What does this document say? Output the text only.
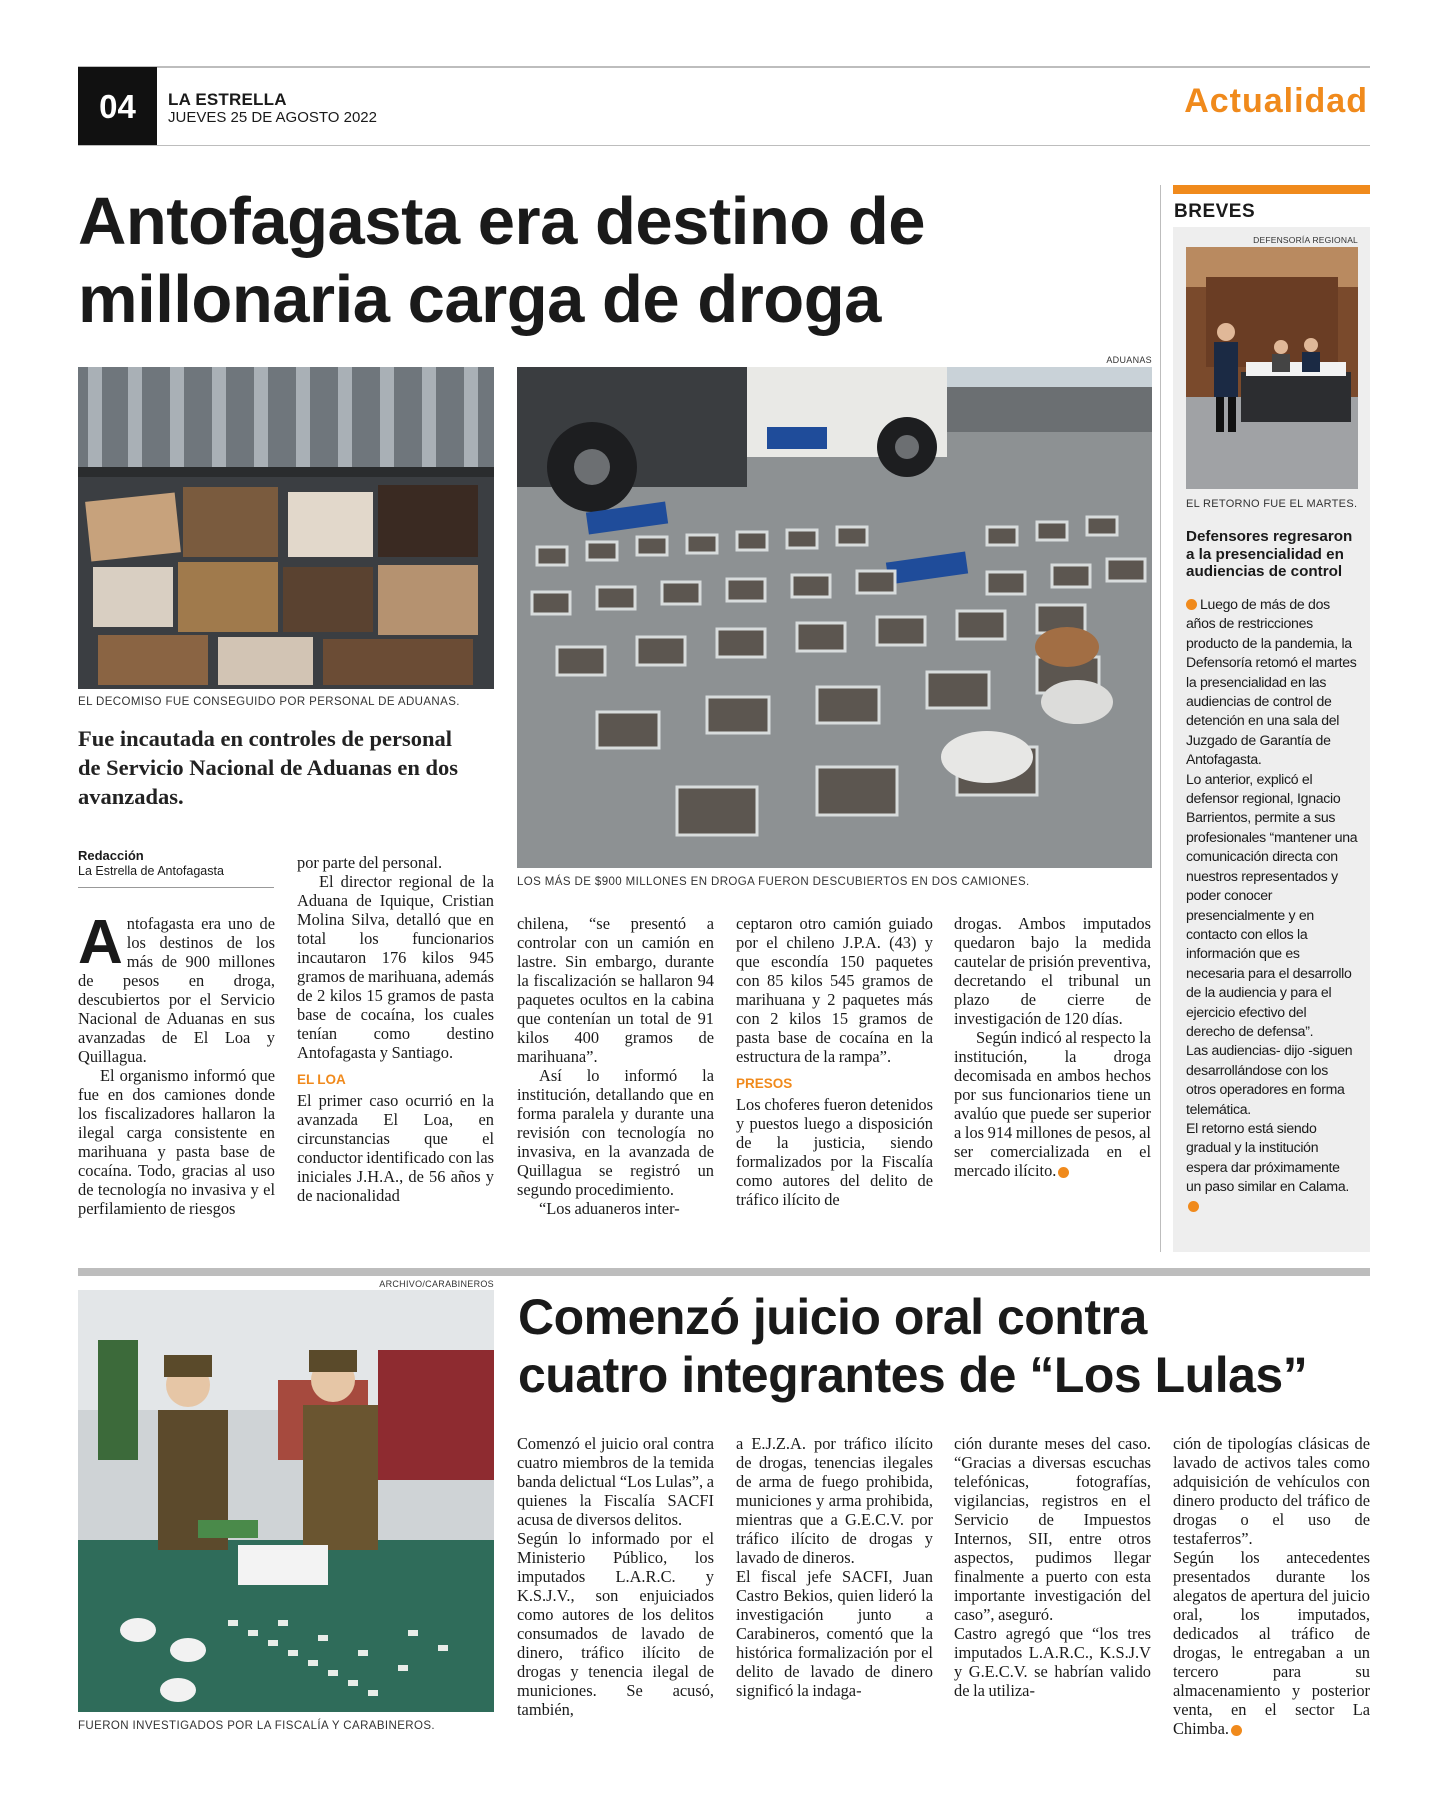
04	LA ESTRELLA
JUEVES 25 DE AGOSTO 2022	Actualidad
Antofagasta era destino de
millonaria carga de droga
EL DECOMISO FUE CONSEGUIDO POR PERSONAL DE ADUANAS.
Fue incautada en controles de personal de Servicio Nacional de Aduanas en dos avanzadas.
ADUANAS
LOS MÁS DE $900 MILLONES EN DROGA FUERON DESCUBIERTOS EN DOS CAMIONES.
Redacción
La Estrella de Antofagasta

Antofagasta era uno de los destinos de los más de 900 millones de pesos en droga, descubiertos por el Servicio Nacional de Aduanas en sus avanzadas de El Loa y Quillagua.

El organismo informó que fue en dos camiones donde los fiscalizadores hallaron la ilegal carga consistente en marihuana y pasta base de cocaína. Todo, gracias al uso de tecnología no invasiva y el perfilamiento de riesgos

por parte del personal.

El director regional de la Aduana de Iquique, Cristian Molina Silva, detalló que en total los funcionarios incautaron 176 kilos 945 gramos de marihuana, además de 2 kilos 15 gramos de pasta base de cocaína, los cuales tenían como destino Antofagasta y Santiago.

EL LOA

El primer caso ocurrió en la avanzada El Loa, en circunstancias que el conductor identificado con las iniciales J.H.A., de 56 años y de nacionalidad

chilena, “se presentó a controlar con un camión en lastre. Sin embargo, durante la fiscalización se hallaron 94 paquetes ocultos en la cabina que contenían un total de 91 kilos 400 gramos de marihuana”.

Así lo informó la institución, detallando que en forma paralela y durante una revisión con tecnología no invasiva, en la avanzada de Quillagua se registró un segundo procedimiento.

“Los aduaneros inter-

ceptaron otro camión guiado por el chileno J.P.A. (43) y que escondía 150 paquetes con 85 kilos 545 gramos de marihuana y 2 paquetes más con 2 kilos 15 gramos de pasta base de cocaína en la estructura de la rampa”.

PRESOS

Los choferes fueron detenidos y puestos luego a disposición de la justicia, siendo formalizados por la Fiscalía como autores del delito de tráfico ilícito de

drogas. Ambos imputados quedaron bajo la medida cautelar de prisión preventiva, decretando el tribunal un plazo de cierre de investigación de 120 días.

Según indicó al respecto la institución, la droga decomisada en ambos hechos por sus funcionarios tiene un avalúo que puede ser superior a los 914 millones de pesos, al ser comercializada en el mercado ilícito.

BREVES
DEFENSORÍA REGIONAL
EL RETORNO FUE EL MARTES.
Defensores regresaron a la presencialidad en audiencias de control

Luego de más de dos años de restricciones producto de la pandemia, la Defensoría retomó el martes la presencialidad en las audiencias de control de detención en una sala del Juzgado de Garantía de Antofagasta.

Lo anterior, explicó el defensor regional, Ignacio Barrientos, permite a sus profesionales “mantener una comunicación directa con nuestros representados y poder conocer presencialmente y en contacto con ellos la información que es necesaria para el desarrollo de la audiencia y para el ejercicio efectivo del derecho de defensa”.

Las audiencias- dijo -siguen desarrollándose con los otros operadores en forma telemática.

El retorno está siendo gradual y la institución espera dar próximamente un paso similar en Calama.

ARCHIVO/CARABINEROS
FUERON INVESTIGADOS POR LA FISCALÍA Y CARABINEROS.
Comenzó juicio oral contra
cuatro integrantes de “Los Lulas”

Comenzó el juicio oral contra cuatro miembros de la temida banda delictual “Los Lulas”, a quienes la Fiscalía SACFI acusa de diversos delitos.

Según lo informado por el Ministerio Público, los imputados L.A.R.C. y K.S.J.V., son enjuiciados como autores de los delitos consumados de lavado de dinero, tráfico ilícito de drogas y tenencia ilegal de municiones. Se acusó, también,

a E.J.Z.A. por tráfico ilícito de drogas, tenencias ilegales de arma de fuego prohibida, municiones y arma prohibida, mientras que a G.E.C.V. por tráfico ilícito de drogas y lavado de dineros.

El fiscal jefe SACFI, Juan Castro Bekios, quien lideró la investigación junto a Carabineros, comentó que la histórica formalización por el delito de lavado de dinero significó la indaga-

ción durante meses del caso. “Gracias a diversas escuchas telefónicas, fotografías, vigilancias, registros en el Servicio de Impuestos Internos, SII, entre otros aspectos, pudimos llegar finalmente a puerto con esta importante investigación del caso”, aseguró.

Castro agregó que “los tres imputados L.A.R.C., K.S.J.V y G.E.C.V. se habrían valido de la utiliza-

ción de tipologías clásicas de lavado de activos tales como adquisición de vehículos con dinero producto del tráfico de drogas o el uso de testaferros”.

Según los antecedentes presentados durante los alegatos de apertura del juicio oral, los imputados, dedicados al tráfico de drogas, le entregaban a un tercero para su almacenamiento y posterior venta, en el sector La Chimba.
